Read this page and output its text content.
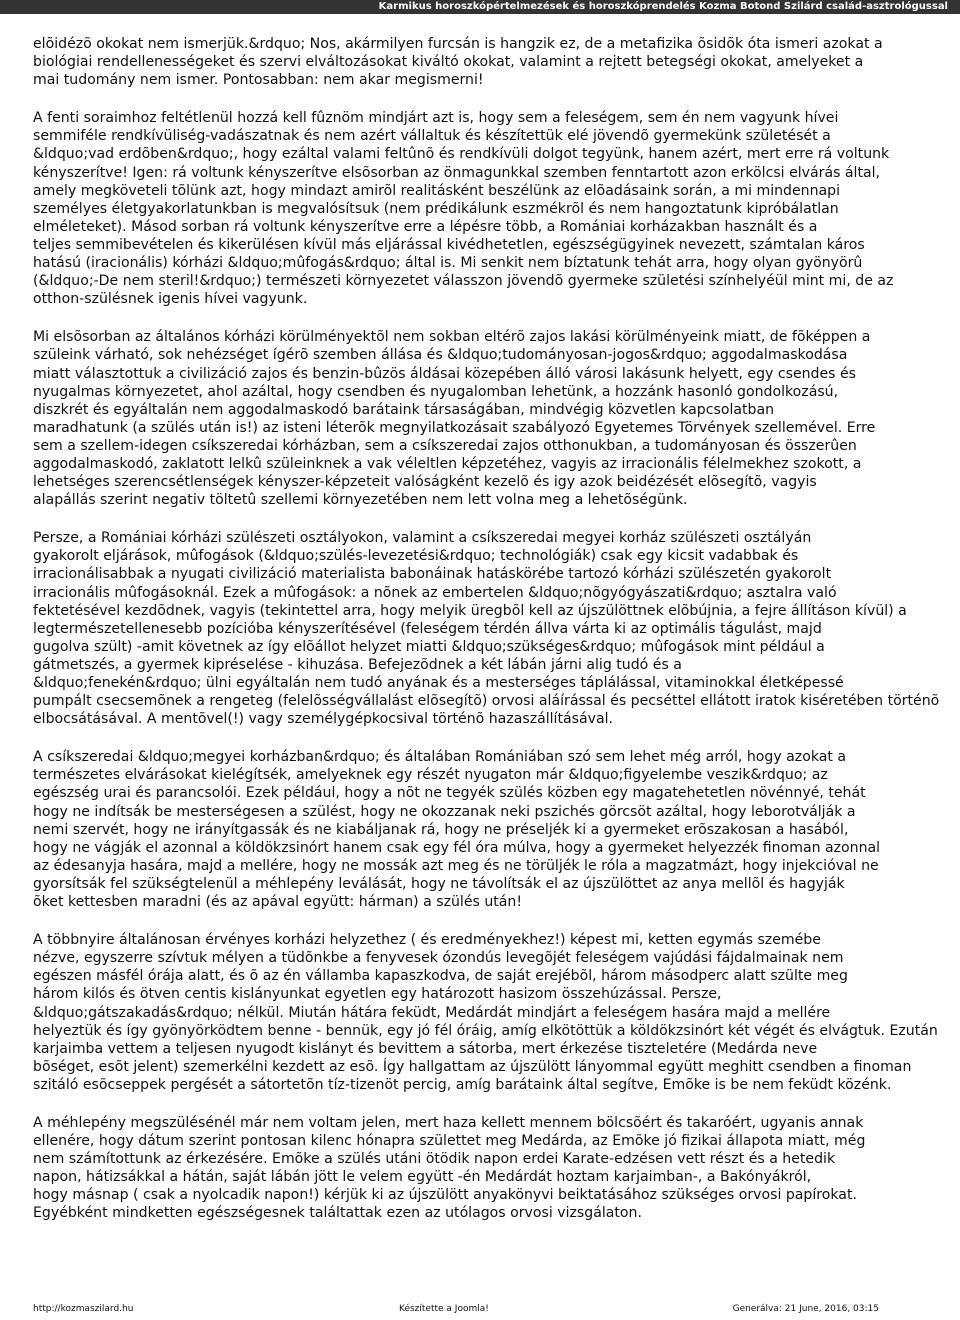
Karmikus horoszkópértelmezések és horoszkóprendelés Kozma Botond Szilárd család-asztrológussal

elõidézõ okokat nem ismerjük.&rdquo; Nos, akármilyen furcsán is hangzik ez, de a metafizika õsidõk óta ismeri azokat a
biológiai rendellenességeket és szervi elváltozásokat kiváltó okokat, valamint a rejtett betegségi okokat, amelyeket a
mai tudomány nem ismer. Pontosabban: nem akar megismerni!

A fenti soraimhoz feltétlenül hozzá kell fûznöm mindjárt azt is, hogy sem a feleségem, sem én nem vagyunk hívei
semmiféle rendkívüliség-vadászatnak és nem azért vállaltuk és készítettük elé jövendõ gyermekünk születését a
&ldquo;vad erdõben&rdquo;, hogy ezáltal valami feltûnõ és rendkívüli dolgot tegyünk, hanem azért, mert erre rá voltunk
kényszerítve! Igen: rá voltunk kényszerítve elsõsorban az önmagunkkal szemben fenntartott azon erkölcsi elvárás által,
amely megköveteli tõlünk azt, hogy mindazt amirõl realitásként beszélünk az elõadásaink során, a mi mindennapi
személyes életgyakorlatunkban is megvalósítsuk (nem prédikálunk eszmékrõl és nem hangoztatunk kipróbálatlan
elméleteket). Másod sorban rá voltunk kényszerítve erre a lépésre több, a Romániai korházakban használt és a
teljes semmibevételen és kikerülésen kívül más eljárással kivédhetetlen, egészségügyinek nevezett, számtalan káros
hatású (iracionális) kórházi &ldquo;mûfogás&rdquo; által is. Mi senkit nem bíztatunk tehát arra, hogy olyan gyönyörû
(&ldquo;-De nem steril!&rdquo;) természeti környezetet válasszon jövendõ gyermeke születési színhelyéül mint mi, de az
otthon-szülésnek igenis hívei vagyunk.

Mi elsõsorban az általános kórházi körülményektõl nem sokban eltérõ zajos lakási körülményeink miatt, de fõképpen a
szüleink várható, sok nehézséget ígérõ szemben állása és &ldquo;tudományosan-jogos&rdquo; aggodalmaskodása
miatt választottuk a civilizáció zajos és benzin-bûzös áldásai közepében álló városi lakásunk helyett, egy csendes és
nyugalmas környezetet, ahol azáltal, hogy csendben és nyugalomban lehetünk, a hozzánk hasonló gondolkozású,
diszkrét és egyáltalán nem aggodalmaskodó barátaink társaságában, mindvégig közvetlen kapcsolatban
maradhatunk (a szülés után is!) az isteni léterõk megnyilatkozásait szabályozó Egyetemes Törvények szellemével. Erre
sem a szellem-idegen csíkszeredai kórházban, sem a csíkszeredai zajos otthonukban, a tudományosan és összerûen
aggodalmaskodó, zaklatott lelkû szüleinknek a vak véleltlen képzetéhez, vagyis az irracionális félelmekhez szokott, a
lehetséges szerencsétlenségek kényszer-képzeteit valóságként kezelõ és igy azok beidézését elõsegítõ, vagyis
alapállás szerint negativ töltetû szellemi környezetében nem lett volna meg a lehetõségünk.

Persze, a Romániai kórházi szülészeti osztályokon, valamint a csíkszeredai megyei korház szülészeti osztályán
gyakorolt eljárások, mûfogások (&ldquo;szülés-levezetési&rdquo; technológiák) csak egy kicsit vadabbak és
irracionálisabbak a nyugati civilizáció materialista babonáinak hatáskörébe tartozó kórházi szülészetén gyakorolt
irracionális mûfogásoknál. Ezek a mûfogások: a nõnek az embertelen &ldquo;nõgyógyászati&rdquo; asztalra való
fektetésével kezdõdnek, vagyis (tekintettel arra, hogy melyik üregbõl kell az újszülöttnek elõbújnia, a fejre állításon kívül) a
legtermészetellenesebb pozícióba kényszerítésével (feleségem térdén állva várta ki az optimális tágulást, majd
gugolva szült) -amit követnek az így elõállot helyzet miatti &ldquo;szükséges&rdquo; mûfogások mint például a
gátmetszés, a gyermek kipréselése - kihuzása. Befejezõdnek a két lábán járni alig tudó és a
&ldquo;fenekén&rdquo; ülni egyáltalán nem tudó anyának és a mesterséges táplálással, vitaminokkal életképessé
pumpált csecsemõnek a rengeteg (felelõsségvállalást elõsegítõ) orvosi aláírással és pecséttel ellátott iratok kiséretében történõ
elbocsátásával. A mentõvel(!) vagy személygépkocsival történõ hazaszállításával.

A csíkszeredai &ldquo;megyei korházban&rdquo; és általában Romániában szó sem lehet még arról, hogy azokat a
természetes elvárásokat kielégítsék, amelyeknek egy részét nyugaton már &ldquo;figyelembe veszik&rdquo; az
egészség urai és parancsolói. Ezek például, hogy a nõt ne tegyék szülés közben egy magatehetetlen növénnyé, tehát
hogy ne indítsák be mesterségesen a szülést, hogy ne okozzanak neki pszichés görcsöt azáltal, hogy leborotválják a
nemi szervét, hogy ne irányítgassák és ne kiabáljanak rá, hogy ne préseljék ki a gyermeket erõszakosan a hasából,
hogy ne vágják el azonnal a köldökzsinórt hanem csak egy fél óra múlva, hogy a gyermeket helyezzék finoman azonnal
az édesanyja hasára, majd a mellére, hogy ne mossák azt meg és ne törüljék le róla a magzatmázt, hogy injekcióval ne
gyorsítsák fel szükségtelenül a méhlepény leválását, hogy ne távolítsák el az újszülöttet az anya mellõl és hagyják
õket kettesben maradni (és az apával együtt: hárman) a szülés után!

A többnyire általánosan érvényes korházi helyzethez ( és eredményekhez!) képest mi, ketten egymás szemébe
nézve, egyszerre szívtuk mélyen a tüdõnkbe a fenyvesek ózondús levegõjét feleségem vajúdási fájdalmainak nem
egészen másfél órája alatt, és õ az én vállamba kapaszkodva, de saját erejébõl, három másodperc alatt szülte meg
három kilós és ötven centis kislányunkat egyetlen egy határozott hasizom összehúzással. Persze,
&ldquo;gátszakadás&rdquo; nélkül. Miután hátára feküdt, Medárdát mindjárt a feleségem hasára majd a mellére
helyeztük és így gyönyörködtem benne - bennük, egy jó fél óráig, amíg elkötöttük a köldökzsinórt két végét és elvágtuk. Ezután
karjaimba vettem a teljesen nyugodt kislányt és bevittem a sátorba, mert érkezése tiszteletére (Medárda neve
bõséget, esõt jelent) szemerkélni kezdett az esõ. Így hallgattam az újszülött lányommal együtt meghitt csendben a finoman
szitáló esõcseppek pergését a sátortetõn tíz-tizenöt percig, amíg barátaink által segítve, Emõke is be nem feküdt közénk.

A méhlepény megszülésénél már nem voltam jelen, mert haza kellett mennem bölcsõért és takaróért, ugyanis annak
ellenére, hogy dátum szerint pontosan kilenc hónapra születtet meg Medárda, az Emõke jó fizikai állapota miatt, még
nem számítottunk az érkezésére. Emõke a szülés utáni ötödik napon erdei Karate-edzésen vett részt és a hetedik
napon, hátizsákkal a hátán, saját lábán jött le velem együtt -én Medárdát hoztam karjaimban-, a Bakónyákról,
hogy másnap ( csak a nyolcadik napon!) kérjük ki az újszülött anyakönyvi beiktatásához szükséges orvosi papírokat.
Egyébként mindketten egészségesnek találtattak ezen az utólagos orvosi vizsgálaton.

http://kozmaszilard.hu	Készítette a Joomla!	Generálva: 21 June, 2016, 03:15
